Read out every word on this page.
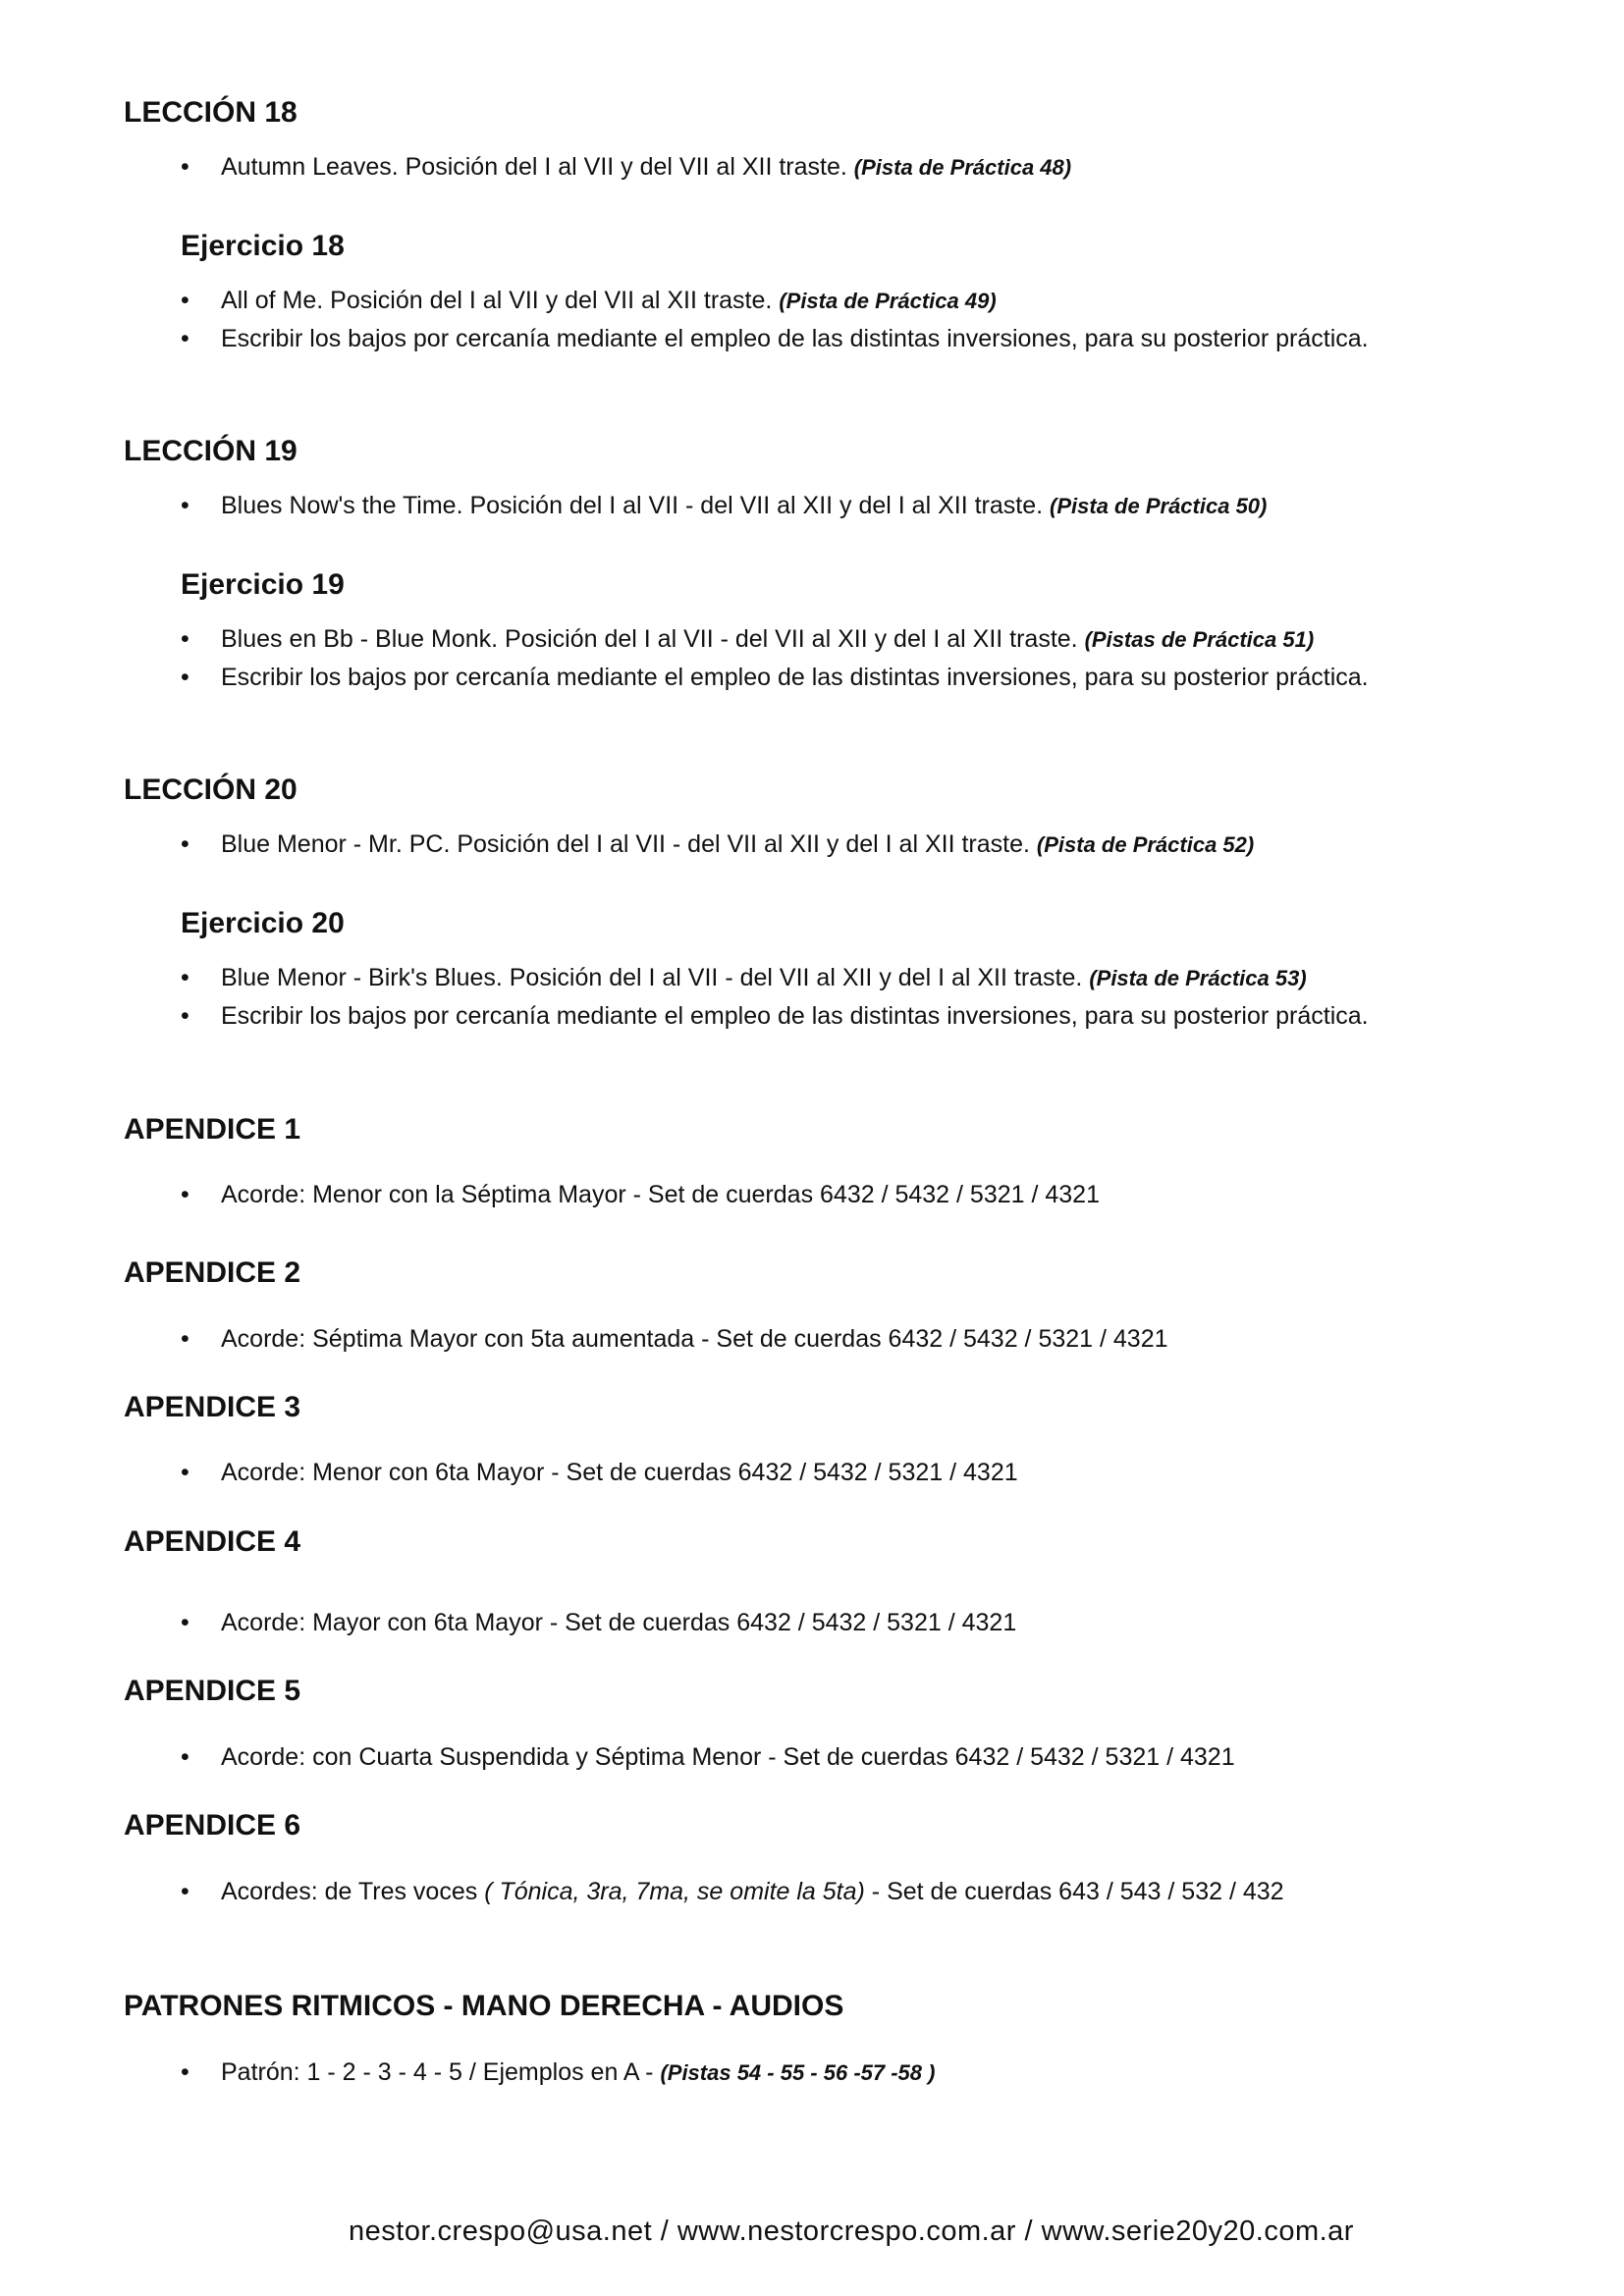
LECCIÓN 18
Autumn Leaves. Posición del I al VII y del VII al XII traste. (Pista de Práctica 48)
Ejercicio 18
All of Me. Posición del I al VII y del VII al XII traste. (Pista de Práctica 49)
Escribir los bajos por cercanía mediante el empleo de las distintas inversiones, para su posterior práctica.
LECCIÓN 19
Blues Now's the Time. Posición del I al VII - del VII al XII y del I al XII traste. (Pista de Práctica 50)
Ejercicio 19
Blues en Bb - Blue Monk. Posición del I al VII - del VII al XII y del I al XII traste. (Pistas de Práctica 51)
Escribir los bajos por cercanía mediante el empleo de las distintas inversiones, para su posterior práctica.
LECCIÓN 20
Blue Menor - Mr. PC. Posición del I al VII - del VII al XII y del I al XII traste. (Pista de Práctica 52)
Ejercicio 20
Blue Menor - Birk's Blues. Posición del I al VII - del VII al XII y del I al XII traste. (Pista de Práctica 53)
Escribir los bajos por cercanía mediante el empleo de las distintas inversiones, para su posterior práctica.
APENDICE 1
Acorde: Menor con la Séptima Mayor - Set de cuerdas 6432 / 5432 / 5321 / 4321
APENDICE 2
Acorde: Séptima Mayor con 5ta aumentada - Set de cuerdas 6432 / 5432 / 5321 / 4321
APENDICE 3
Acorde: Menor con 6ta Mayor - Set de cuerdas 6432 / 5432 / 5321 / 4321
APENDICE 4
Acorde: Mayor con 6ta Mayor - Set de cuerdas 6432 / 5432 / 5321 / 4321
APENDICE 5
Acorde: con Cuarta Suspendida y Séptima Menor - Set de cuerdas 6432 / 5432 / 5321 / 4321
APENDICE 6
Acordes: de Tres voces ( Tónica, 3ra, 7ma, se omite la 5ta) - Set de cuerdas 643 / 543 / 532 / 432
PATRONES RITMICOS - MANO DERECHA - AUDIOS
Patrón: 1 - 2 - 3 - 4 - 5 / Ejemplos en A - (Pistas 54 - 55 - 56 -57 -58 )
nestor.crespo@usa.net / www.nestorcrespo.com.ar / www.serie20y20.com.ar
